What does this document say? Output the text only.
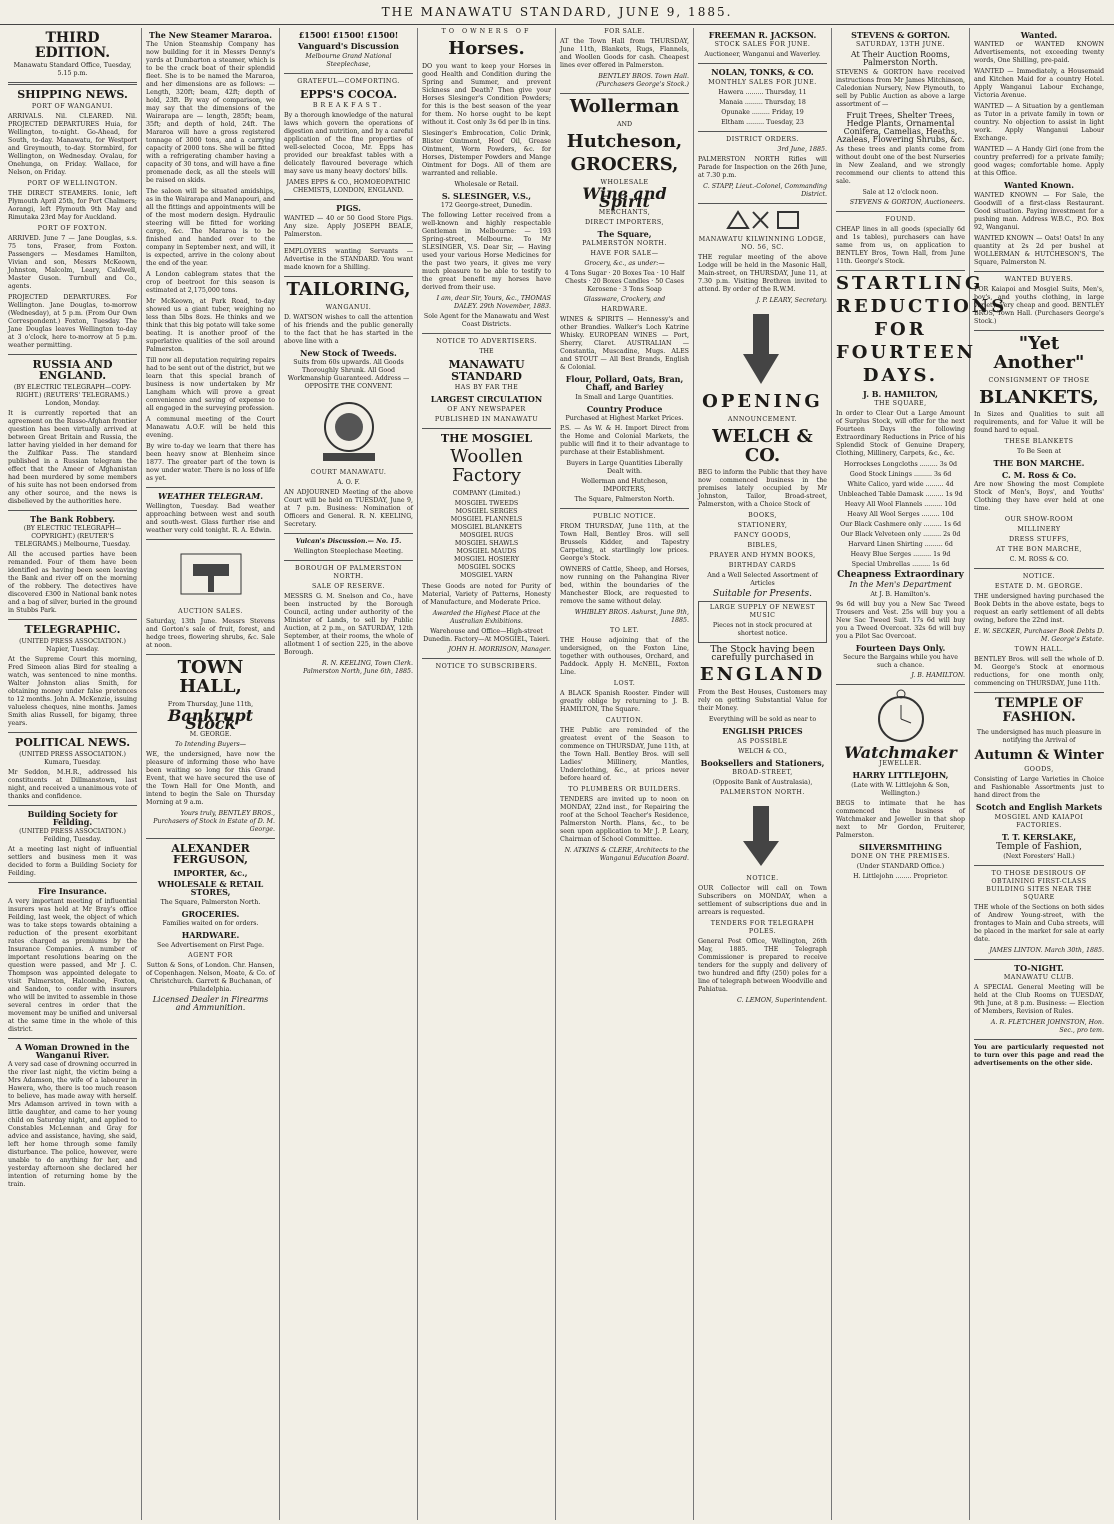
THE MANAWATU STANDARD, JUNE 9, 1885.
THIRD EDITION.
Manawatu Standard Office, Tuesday, 5.15 p.m.
SHIPPING NEWS.
PORT OF WANGANUI.
ARRIVALS. Nil. CLEARED. Nil. PROJECTED DEPARTURES Huia, for Wellington, to-night. Go-Ahead, for South, to-day. Manawatu, for Westport and Greymouth, to-day. Stormbird, for Wellington, on Wednesday. Ovalau, for Onehunga, on Friday. Wallace, for Nelson, on Friday.
PORT OF WELLINGTON.
THE DIRECT STEAMERS. Ionic, left Plymouth April 25th, for Port Chalmers; Aorangi, left Plymouth 9th May and Rimutaka 23rd May for Auckland.
PORT OF FOXTON.
ARRIVED. June 7 — Jane Douglas, s.s. 75 tons, Fraser, from Foxton. Passengers — Mesdames Hamilton, Vivian and son, Messrs McKeown, Johnston, Malcolm, Leary, Caldwell, Master Guson. Turnbull and Co., agents.
PROJECTED DEPARTURES. For Wellington. Jane Douglas, to-morrow (Wednesday), at 5 p.m. (From Our Own Correspondent.) Foxton, Tuesday. The Jane Douglas leaves Wellington to-day at 3 o'clock, here to-morrow at 5 p.m. weather permitting.
RUSSIA AND ENGLAND.
(BY ELECTRIC TELEGRAPH—COPY-RIGHT.) (REUTERS' TELEGRAMS.) London, Monday.
It is currently reported that an agreement on the Russo-Afghan frontier question has been virtually arrived at between Great Britain and Russia, the latter having yielded in her demand for the Zulfikar Pass. The standard published in a Russian telegram the effect that the Ameer of Afghanistan had been murdered by some members of his suite has not been endorsed from any other source, and the news is disbelieved by the authorities here.
The Bank Robbery.
(BY ELECTRIC TELEGRAPH—COPYRIGHT.) (REUTER'S TELEGRAMS.) Melbourne, Tuesday.
All the accused parties have been remanded. Four of them have been identified as having been seen leaving the Bank and river off on the morning of the robbery. The detectives have discovered £300 in National bank notes and a bag of silver, buried in the ground in Stubbs Park.
TELEGRAPHIC.
(UNITED PRESS ASSOCIATION.) Napier, Tuesday.
At the Supreme Court this morning, Fred Simeon alias Bird for stealing a watch, was sentenced to nine months. Walter Johnston alias Smith, for obtaining money under false pretences to 12 months. John A. McKenzie, issuing valueless cheques, nine months. James Smith alias Russell, for bigamy, three years.
POLITICAL NEWS.
(UNITED PRESS ASSOCIATION.) Kumara, Tuesday.
Mr Seddon, M.H.R., addressed his constituents at Dillmanstown, last night, and received a unanimous vote of thanks and confidence.
Building Society for Feilding.
(UNITED PRESS ASSOCIATION.) Feilding, Tuesday.
At a meeting last night of influential settlers and business men it was decided to form a Building Society for Feilding.
Fire Insurance.
A very important meeting of influential insurers was held at Mr Bray's office Feilding, last week, the object of which was to take steps towards obtaining a reduction of the present exorbitant rates charged as premiums by the Insurance Companies. A number of important resolutions bearing on the question were passed, and Mr J. C. Thompson was appointed delegate to visit Palmerston, Halcombe, Foxton, and Sandon, to confer with insurers who will be invited to assemble in those several centres in order that the movement may be unified and universal at the same time in the whole of this district.
A Woman Drowned in the Wanganui River.
A very sad case of drowning occurred in the river last night, the victim being a Mrs Adamson, the wife of a labourer in Hawera, who, there is too much reason to believe, has made away with herself. Mrs Adamson arrived in town with a little daughter, and came to her young child on Saturday night, and applied to Constables McLennan and Gray for advice and assistance, having, she said, left her home through some family disturbance. The police, however, were unable to do anything for her, and yesterday afternoon she declared her intention of returning home by the train.
The New Steamer Mararoa.
The Union Steamship Company has now building for it in Messrs Denny's yards at Dumbarton a steamer, which is to be the crack boat of their splendid fleet. She is to be named the Mararoa, and her dimensions are as follows: — Length, 320ft; beam, 42ft; depth of hold, 23ft. By way of comparison, we may say that the dimensions of the Wairarapa are — length, 285ft; beam, 35ft; and depth of hold, 24ft. The Mararoa will have a gross registered tonnage of 3000 tons, and a carrying capacity of 2000 tons. She will be fitted with a refrigerating chamber having a capacity of 30 tons, and will have a fine promenade deck, as all the steels will be raised on skids.
The saloon will be situated amidships, as in the Wairarapa and Manapouri, and all the fittings and appointments will be of the most modern design. Hydraulic steering will be fitted for working cargo, &c. The Mararoa is to be finished and handed over to the company in September next, and will, it is expected, arrive in the colony about the end of the year.
A London cablegram states that the crop of beetroot for this season is estimated at 2,175,000 tons.
Mr McKeown, at Park Road, to-day showed us a giant tuber, weighing no less than 5lbs 8ozs. He thinks and we think that this big potato will take some beating. It is another proof of the superlative qualities of the soil around Palmerston.
Till now all deputation requiring repairs had to be sent out of the district, but we learn that this special branch of business is now undertaken by Mr Langham which will prove a great convenience and saving of expense to all engaged in the surveying profession.
A communal meeting of the Court Manawatu A.O.F. will be held this evening.
By wire to-day we learn that there has been heavy snow at Blenheim since 1877. The greater part of the town is now under water. There is no loss of life as yet.
WEATHER TELEGRAM.
Wellington, Tuesday. Bad weather approaching between west and south and south-west. Glass further rise and weather very cold tonight. R. A. Edwin.
AUCTION SALES.
Saturday, 13th June. Messrs Stevens and Gorton's sale of fruit, forest, and hedge trees, flowering shrubs, &c. Sale at noon.
TOWN HALL,
From Thursday, June 11th,
Bankrupt Stock
M. GEORGE.
To Intending Buyers—
WE, the undersigned, have now the pleasure of informing those who have been waiting so long for this Grand Event, that we have secured the use of the Town Hall for One Month, and intend to begin the Sale on Thursday Morning at 9 a.m.
Yours truly, BENTLEY BROS., Purchasers of Stock in Estate of D. M. George.
ALEXANDER FERGUSON,
IMPORTER, &c.,
WHOLESALE & RETAIL STORES,
The Square, Palmerston North.
GROCERIES.
Families waited on for orders.
HARDWARE.
See Advertisement on First Page.
AGENT FOR
Sutton & Sons, of London. Chr. Hansen, of Copenhagen. Nelson, Moate, & Co. of Christchurch. Garrett & Buchanan, of Philadelphia.
Licensed Dealer in Firearms and Ammunition.
£1500! £1500! £1500!
Vanguard's Discussion
Melbourne Grand National Steeplechase,
GRATEFUL—COMFORTING.
EPPS'S COCOA.
BREAKFAST.
By a thorough knowledge of the natural laws which govern the operations of digestion and nutrition, and by a careful application of the fine properties of well-selected Cocoa, Mr. Epps has provided our breakfast tables with a delicately flavoured beverage which may save us many heavy doctors' bills.
JAMES EPPS & CO., HOMOEOPATHIC CHEMISTS, LONDON, ENGLAND.
PIGS.
WANTED — 40 or 50 Good Store Pigs. Any size. Apply JOSEPH BEALE, Palmerston.
EMPLOYERS wanting Servants — Advertise in the STANDARD. You want made known for a Shilling.
TAILORING,
WANGANUI.
D. WATSON wishes to call the attention of his friends and the public generally to the fact that he has started in the above line with a
New Stock of Tweeds.
Suits from 60s upwards. All Goods Thoroughly Shrunk. All Good Workmanship Guaranteed. Address — OPPOSITE THE CONVENT.
COURT MANAWATU.
A. O. F.
AN ADJOURNED Meeting of the above Court will be held on TUESDAY, June 9, at 7 p.m. Business: Nomination of Officers and General. R. N. KEELING, Secretary.
Vulcan's Discussion.— No. 15.
Wellington Steeplechase Meeting.
BOROUGH OF PALMERSTON NORTH.
SALE OF RESERVE.
MESSRS G. M. Snelson and Co., have been instructed by the Borough Council, acting under authority of the Minister of Lands, to sell by Public Auction, at 2 p.m., on SATURDAY, 12th September, at their rooms, the whole of allotment 1 of section 225, in the above Borough.
R. N. KEELING, Town Clerk. Palmerston North, June 6th, 1885.
TO OWNERS OF
Horses.
DO you want to keep your Horses in good Health and Condition during the Spring and Summer, and prevent Sickness and Death? Then give your Horses Slesinger's Condition Powders; for this is the best season of the year for them. No horse ought to be kept without it. Cost only 3s 6d per lb in tins.
Slesinger's Embrocation, Colic Drink, Blister Ointment, Hoof Oil, Grease Ointment, Worm Powders, &c. for Horses, Distemper Powders and Mange Ointment for Dogs. All of them are warranted and reliable.
Wholesale or Retail.
S. SLESINGER, V.S.,
172 George-street, Dunedin.
The following Letter received from a well-known and highly respectable Gentleman in Melbourne: — 193 Spring-street, Melbourne. To Mr SLESINGER, V.S. Dear Sir, — Having used your various Horse Medicines for the past two years, it gives me very much pleasure to be able to testify to the great benefit my horses have derived from their use.
I am, dear Sir, Yours, &c., THOMAS DALEY. 29th November, 1883.
Sole Agent for the Manawatu and West Coast Districts.
NOTICE TO ADVERTISERS.
THE
MANAWATU STANDARD
HAS BY FAR THE
LARGEST CIRCULATION
OF ANY NEWSPAPER
PUBLISHED IN MANAWATU
THE MOSGIEL
Woollen Factory
COMPANY (Limited.)
MOSGIEL TWEEDS
MOSGIEL SERGES
MOSGIEL FLANNELS
MOSGIEL BLANKETS
MOSGIEL RUGS
MOSGIEL SHAWLS
MOSGIEL MAUDS
MOSGIEL HOSIERY
MOSGIEL SOCKS
MOSGIEL YARN
These Goods are noted for Purity of Material, Variety of Patterns, Honesty of Manufacture, and Moderate Price.
Awarded the Highest Place at the Australian Exhibitions.
Warehouse and Office—High-street Dunedin. Factory—At MOSGIEL, Taieri.
JOHN H. MORRISON, Manager.
NOTICE TO SUBSCRIBERS.
FOR SALE.
AT the Town Hall from THURSDAY, June 11th, Blankets, Rugs, Flannels, and Woollen Goods for cash. Cheapest lines ever offered in Palmerston.
BENTLEY BROS. Town Hall. (Purchasers George's Stock.)
Wollerman
AND
Hutcheson,
GROCERS,
WHOLESALE
Wine and Spirit
MERCHANTS,
DIRECT IMPORTERS,
The Square,
PALMERSTON NORTH.
HAVE FOR SALE—
Grocery, &c., as under:—
4 Tons Sugar · 20 Boxes Tea · 10 Half Chests · 20 Boxes Candles · 50 Cases Kerosene · 3 Tons Soap
Glassware, Crockery, and
HARDWARE.
WINES & SPIRITS — Hennessy's and other Brandies. Walker's Loch Katrine Whisky. EUROPEAN WINES — Port, Sherry, Claret. AUSTRALIAN — Constantia, Muscadine, Mugs. ALES and STOUT — All Best Brands, English & Colonial.
Flour, Pollard, Oats, Bran, Chaff, and Barley
In Small and Large Quantities.
Country Produce
Purchased at Highest Market Prices.
P.S. — As W. & H. Import Direct from the Home and Colonial Markets, the public will find it to their advantage to purchase at their Establishment.
Buyers in Large Quantities Liberally Dealt with.
Wollerman and Hutcheson, IMPORTERS,
The Square, Palmerston North.
PUBLIC NOTICE.
FROM THURSDAY, June 11th, at the Town Hall, Bentley Bros. will sell Brussels Kidder, and Tapestry Carpeting, at startlingly low prices. George's Stock.
OWNERS of Cattle, Sheep, and Horses, now running on the Pahangina River bed, within the boundaries of the Manchester Block, are requested to remove the same without delay.
WHIBLEY BROS. Ashurst, June 9th, 1885.
TO LET.
THE House adjoining that of the undersigned, on the Foxton Line, together with outhouses, Orchard, and Paddock. Apply H. McNEIL, Foxton Line.
LOST.
A BLACK Spanish Rooster. Finder will greatly oblige by returning to J. B. HAMILTON, The Square.
CAUTION.
THE Public are reminded of the greatest event of the Season to commence on THURSDAY, June 11th, at the Town Hall. Bentley Bros. will sell Ladies' Millinery, Mantles, Underclothing, &c., at prices never before heard of.
TO PLUMBERS OR BUILDERS.
TENDERS are invited up to noon on MONDAY, 22nd inst., for Repairing the roof at the School Teacher's Residence, Palmerston North. Plans, &c., to be seen upon application to Mr J. P. Leary, Chairman of School Committee.
N. ATKINS & CLERE, Architects to the Wanganui Education Board.
FREEMAN R. JACKSON.
STOCK SALES FOR JUNE.
Auctioneer, Wanganui and Waverley.
NOLAN, TONKS, & CO.
MONTHLY SALES FOR JUNE.
Hawera ......... Thursday, 11
Manaia ......... Thursday, 18
Opunake ......... Friday, 19
Eltham ......... Tuesday, 23
DISTRICT ORDERS.
3rd June, 1885.
PALMERSTON NORTH Rifles will Parade for Inspection on the 26th June, at 7.30 p.m.
C. STAPP, Lieut.-Colonel, Commanding District.
MANAWATU KILWINNING LODGE, NO. 56, SC.
THE regular meeting of the above Lodge will be held in the Masonic Hall, Main-street, on THURSDAY, June 11, at 7.30 p.m. Visiting Brethren invited to attend. By order of the R.W.M.
J. P. LEARY, Secretary.
OPENING
ANNOUNCEMENT.
WELCH & CO.
BEG to inform the Public that they have now commenced business in the premises lately occupied by Mr Johnston, Tailor, Broad-street, Palmerston, with a Choice Stock of
BOOKS,
STATIONERY,
FANCY GOODS,
BIBLES,
PRAYER AND HYMN BOOKS,
BIRTHDAY CARDS
And a Well Selected Assortment of Articles
Suitable for Presents.
LARGE SUPPLY OF NEWEST MUSIC
Pieces not in stock procured at shortest notice.
The Stock having been carefully purchased in
ENGLAND
From the Best Houses, Customers may rely on getting Substantial Value for their Money.
Everything will be sold as near to
ENGLISH PRICES
AS POSSIBLE
WELCH & CO.,
Booksellers and Stationers,
BROAD-STREET,
(Opposite Bank of Australasia),
PALMERSTON NORTH.
NOTICE.
OUR Collector will call on Town Subscribers on MONDAY, when a settlement of subscriptions due and in arrears is requested.
TENDERS FOR TELEGRAPH POLES.
General Post Office, Wellington, 26th May, 1885. THE Telegraph Commissioner is prepared to receive tenders for the supply and delivery of two hundred and fifty (250) poles for a line of telegraph between Woodville and Pahiatua.
C. LEMON, Superintendent.
STEVENS & GORTON.
SATURDAY, 13TH JUNE.
At Their Auction Rooms, Palmerston North.
STEVENS & GORTON have received instructions from Mr James Mitchinson, Caledonian Nursery, New Plymouth, to sell by Public Auction as above a large assortment of —
Fruit Trees, Shelter Trees, Hedge Plants, Ornamental Conifera, Camelias, Heaths, Azaleas, Flowering Shrubs, &c.
As these trees and plants come from without doubt one of the best Nurseries in New Zealand, and we strongly recommend our clients to attend this sale.
Sale at 12 o'clock noon.
STEVENS & GORTON, Auctioneers.
FOUND.
CHEAP lines in all goods (specially 6d and 1s tables), purchasers can have same from us, on application to BENTLEY Bros, Town Hall, from June 11th. George's Stock.
STARTLING
REDUCTIONS
FOR
FOURTEEN
DAYS.
J. B. HAMILTON,
THE SQUARE,
In order to Clear Out a Large Amount of Surplus Stock, will offer for the next Fourteen Days the following Extraordinary Reductions in Price of his Splendid Stock of Genuine Drapery, Clothing, Millinery, Carpets, &c., &c.
Horrockses Longcloths ......... 3s 0d
Good Stock Linings ......... 3s 6d
White Calico, yard wide ......... 4d
Unbleached Table Damask ......... 1s 9d
Heavy All Wool Flannels ......... 10d
Heavy All Wool Serges ......... 10d
Our Black Cashmere only ......... 1s 6d
Our Black Velveteen only ......... 2s 0d
Harvard Linen Shirting ......... 6d
Heavy Blue Serges ......... 1s 9d
Special Umbrellas ......... 1s 6d
Cheapness Extraordinary
In the Men's Department
At J. B. Hamilton's.
9s 6d will buy you a New Sac Tweed Trousers and Vest. 25s will buy you a New Sac Tweed Suit. 17s 6d will buy you a Tweed Overcoat. 32s 6d will buy you a Pilot Sac Overcoat.
Fourteen Days Only.
Secure the Bargains while you have such a chance.
J. B. HAMILTON.
Watchmaker
JEWELLER.
HARRY LITTLEJOHN,
(Late with W. Littlejohn & Son, Wellington.)
BEGS to intimate that he has commenced the business of Watchmaker and Jeweller in that shop next to Mr Gordon, Fruiterer, Palmerston.
SILVERSMITHING
DONE ON THE PREMISES.
(Under STANDARD Office.)
H. Littlejohn ........ Proprietor.
Wanted.
WANTED or WANTED KNOWN Advertisements, not exceeding twenty words, One Shilling, pre-paid.
WANTED — Immediately, a Housemaid and Kitchen Maid for a country Hotel. Apply Wanganui Labour Exchange, Victoria Avenue.
WANTED — A Situation by a gentleman as Tutor in a private family in town or country. No objection to assist in light work. Apply Wanganui Labour Exchange.
WANTED — A Handy Girl (one from the country preferred) for a private family; good wages; comfortable home. Apply at this Office.
Wanted Known.
WANTED KNOWN — For Sale, the Goodwill of a first-class Restaurant. Good situation. Paying investment for a pushing man. Address W.B.C., P.O. Box 92, Wanganui.
WANTED KNOWN — Oats! Oats! In any quantity at 2s 2d per bushel at WOLLERMAN & HUTCHESON'S, The Square, Palmerston N.
WANTED BUYERS.
FOR Kaiapoi and Mosgiel Suits, Men's, boy's, and youths clothing, in large variety. Very cheap and good. BENTLEY BROS, Town Hall. (Purchasers George's Stock.)
"Yet Another"
CONSIGNMENT OF THOSE
BLANKETS,
In Sizes and Qualities to suit all requirements, and for Value it will be found hard to equal.
THESE BLANKETS
To Be Seen at
THE BON MARCHE.
C. M. Ross & Co.
Are now Showing the most Complete Stock of Men's, Boys', and Youths' Clothing they have ever held at one time.
OUR SHOW-ROOM
MILLINERY
DRESS STUFFS,
AT THE BON MARCHE,
C. M. ROSS & CO.
NOTICE.
ESTATE D. M. GEORGE.
THE undersigned having purchased the Book Debts in the above estate, begs to request an early settlement of all debts owing, before the 22nd inst.
E. W. SECKER, Purchaser Book Debts D. M. George's Estate.
TOWN HALL.
BENTLEY Bros. will sell the whole of D. M. George's Stock at enormous reductions, for one month only, commencing on THURSDAY, June 11th.
TEMPLE OF FASHION.
The undersigned has much pleasure in notifying the Arrival of
Autumn & Winter
GOODS,
Consisting of Large Varieties in Choice and Fashionable Assortments just to hand direct from the
Scotch and English Markets
MOSGIEL AND KAIAPOI FACTORIES.
T. T. KERSLAKE,
Temple of Fashion,
(Next Foresters' Hall.)
TO THOSE DESIROUS OF OBTAINING FIRST-CLASS BUILDING SITES NEAR THE SQUARE
THE whole of the Sections on both sides of Andrew Young-street, with the frontages to Main and Cuba streets, will be placed in the market for sale at early date.
JAMES LINTON. March 30th, 1885.
TO-NIGHT.
MANAWATU CLUB.
A SPECIAL General Meeting will be held at the Club Rooms on TUESDAY, 9th June, at 8 p.m. Business: — Election of Members, Revision of Rules.
A. R. FLETCHER JOHNSTON, Hon. Sec., pro tem.
You are particularly requested not to turn over this page and read the advertisements on the other side.
